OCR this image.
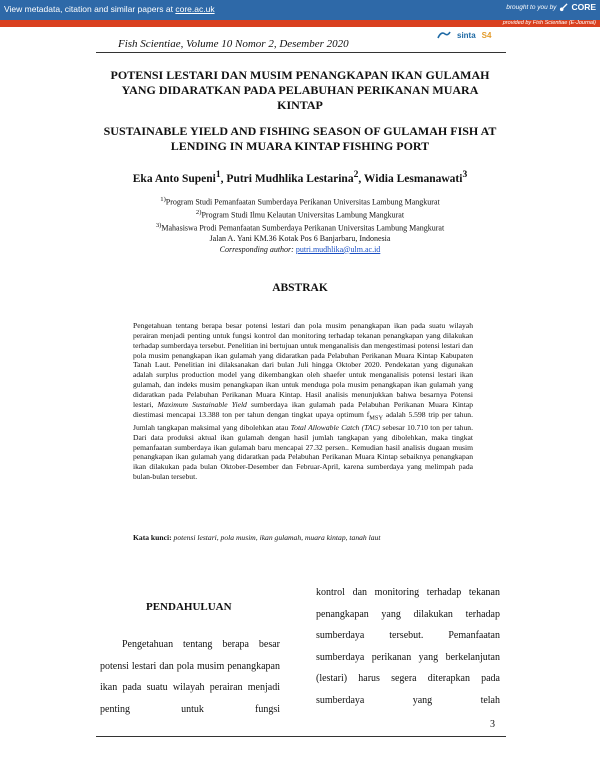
View metadata, citation and similar papers at core.ac.uk	brought to you by CORE
provided by Fish Scientiae (E-Journal)
Fish Scientiae, Volume 10 Nomor 2, Desember 2020
sinta S4
POTENSI LESTARI DAN MUSIM PENANGKAPAN IKAN GULAMAH YANG DIDARATKAN PADA PELABUHAN PERIKANAN MUARA KINTAP
SUSTAINABLE YIELD AND FISHING SEASON OF GULAMAH FISH AT LENDING IN MUARA KINTAP FISHING PORT
Eka Anto Supeni$^1$, Putri Mudhlika Lestarina$^2$, Widia Lesmanawati$^3$
$^{1)}$Program Studi Pemanfaatan Sumberdaya Perikanan Universitas Lambung Mangkurat
$^{2)}$Program Studi Ilmu Kelautan Universitas Lambung Mangkurat
$^{3)}$Mahasiswa Prodi Pemanfaatan Sumberdaya Perikanan Universitas Lambung Mangkurat
Jalan A. Yani KM.36 Kotak Pos 6 Banjarbaru, Indonesia
Corresponding author: putri.mudhlika@ulm.ac.id
ABSTRAK

Pengetahuan tentang berapa besar potensi lestari dan pola musim penangkapan ikan pada suatu wilayah perairan menjadi penting untuk fungsi kontrol dan monitoring terhadap tekanan penangkapan yang dilakukan terhadap sumberdaya tersebut. Penelitian ini bertujuan untuk menganalisis dan mengestimasi potensi lestari dan pola musim penangkapan ikan gulamah yang didaratkan pada Pelabuhan Perikanan Muara Kintap Kabupaten Tanah Laut. Penelitian ini dilaksanakan dari bulan Juli hingga Oktober 2020. Pendekatan yang digunakan adalah surplus production model yang dikembangkan oleh shaefer untuk menganalisis potensi lestari ikan gulamah, dan indeks musim penangkapan ikan untuk menduga pola musim penangkapan ikan gulamah yang didaratkan pada Pelabuhan Perikanan Muara Kintap. Hasil analisis menunjukkan bahwa besarnya Potensi lestari, Maximum Sustainable Yield sumberdaya ikan gulamah pada Pelabuhan Perikanan Muara Kintap diestimasi mencapai 13.388 ton per tahun dengan tingkat upaya optimum $f_{MSY}$ adalah 5.598 trip per tahun. Jumlah tangkapan maksimal yang dibolehkan atau Total Allowable Catch (TAC) sebesar 10.710 ton per tahun. Dari data produksi aktual ikan gulamah dengan hasil jumlah tangkapan yang dibolehkan, maka tingkat pemanfaatan sumberdaya ikan gulamah baru mencapai 27.32 persen.. Kemudian hasil analisis dugaan musim penangkapan ikan gulamah yang didaratkan pada Pelabuhan Perikanan Muara Kintap sebaiknya penangkapan ikan dilakukan pada bulan Oktober-Desember dan Februar-April, karena sumberdaya yang melimpah pada bulan-bulan tersebut.

Kata kunci: potensi lestari, pola musim, ikan gulamah, muara kintap, tanah laut
PENDAHULUAN

Pengetahuan tentang berapa besar potensi lestari dan pola musim penangkapan ikan pada suatu wilayah perairan menjadi penting untuk fungsi

kontrol dan monitoring terhadap tekanan penangkapan yang dilakukan terhadap sumberdaya tersebut. Pemanfaatan sumberdaya perikanan yang berkelanjutan (lestari) harus segera diterapkan pada sumberdaya yang telah

3
